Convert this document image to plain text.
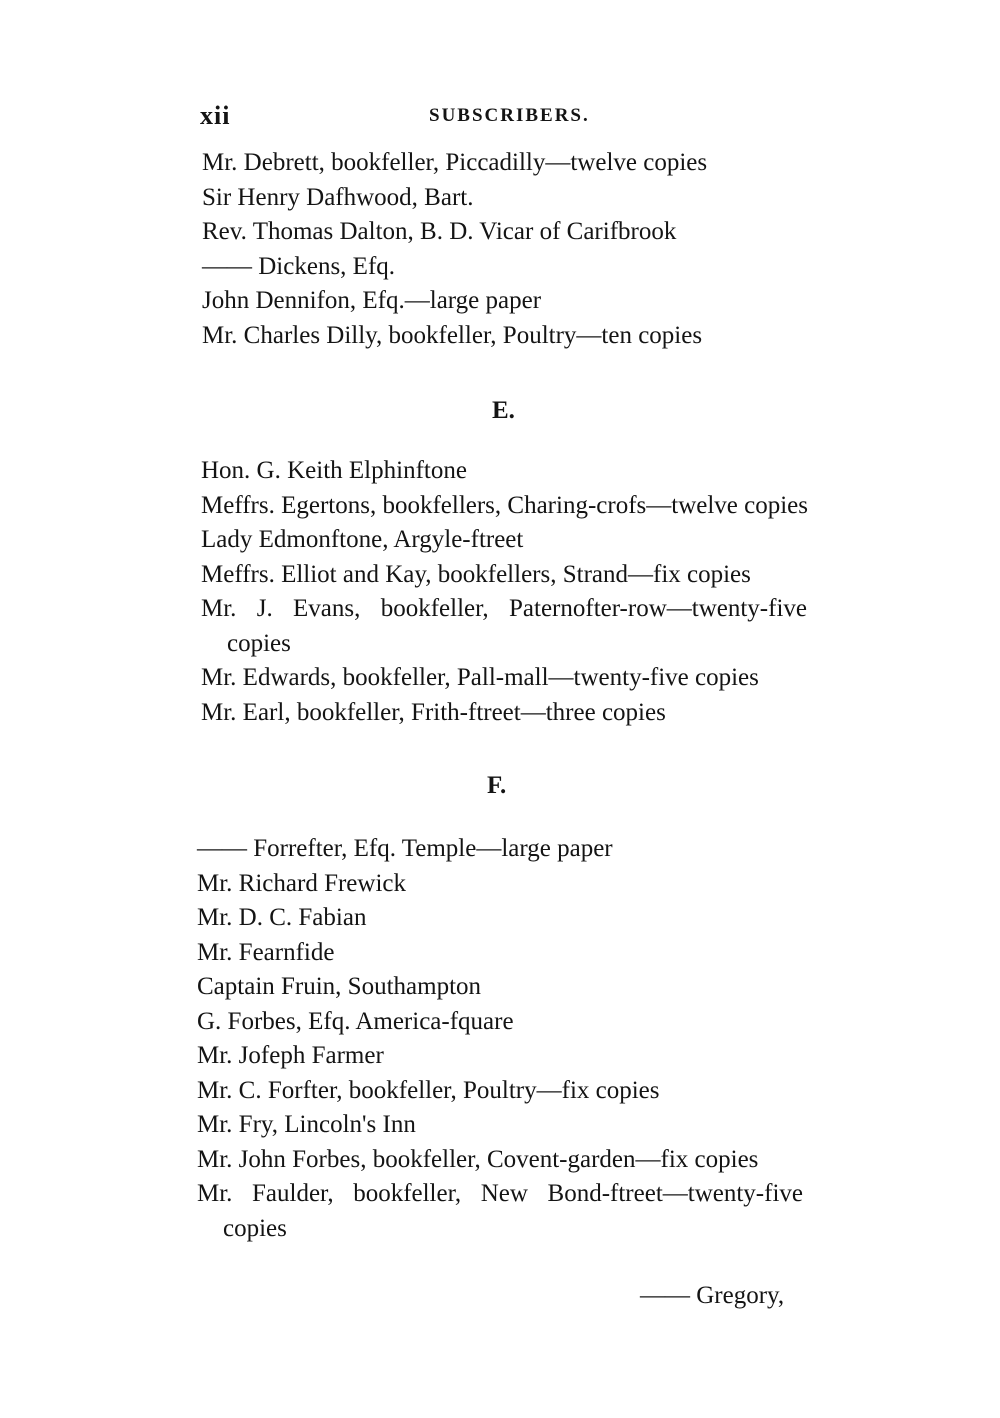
xii	SUBSCRIBERS.
Mr. Debrett, bookfeller, Piccadilly—twelve copies
Sir Henry Dafhwood, Bart.
Rev. Thomas Dalton, B. D. Vicar of Carifbrook
—— Dickens, Efq.
John Dennifon, Efq.—large paper
Mr. Charles Dilly, bookfeller, Poultry—ten copies
E.
Hon. G. Keith Elphinftone
Meffrs. Egertons, bookfellers, Charing-crofs—twelve copies
Lady Edmonftone, Argyle-ftreet
Meffrs. Elliot and Kay, bookfellers, Strand—fix copies
Mr. J. Evans, bookfeller, Paternofter-row—twenty-five
copies
Mr. Edwards, bookfeller, Pall-mall—twenty-five copies
Mr. Earl, bookfeller, Frith-ftreet—three copies
F.
—— Forrefter, Efq. Temple—large paper
Mr. Richard Frewick
Mr. D. C. Fabian
Mr. Fearnfide
Captain Fruin, Southampton
G. Forbes, Efq. America-fquare
Mr. Jofeph Farmer
Mr. C. Forfter, bookfeller, Poultry—fix copies
Mr. Fry, Lincoln's Inn
Mr. John Forbes, bookfeller, Covent-garden—fix copies
Mr. Faulder, bookfeller, New Bond-ftreet—twenty-five
copies
—— Gregory,
